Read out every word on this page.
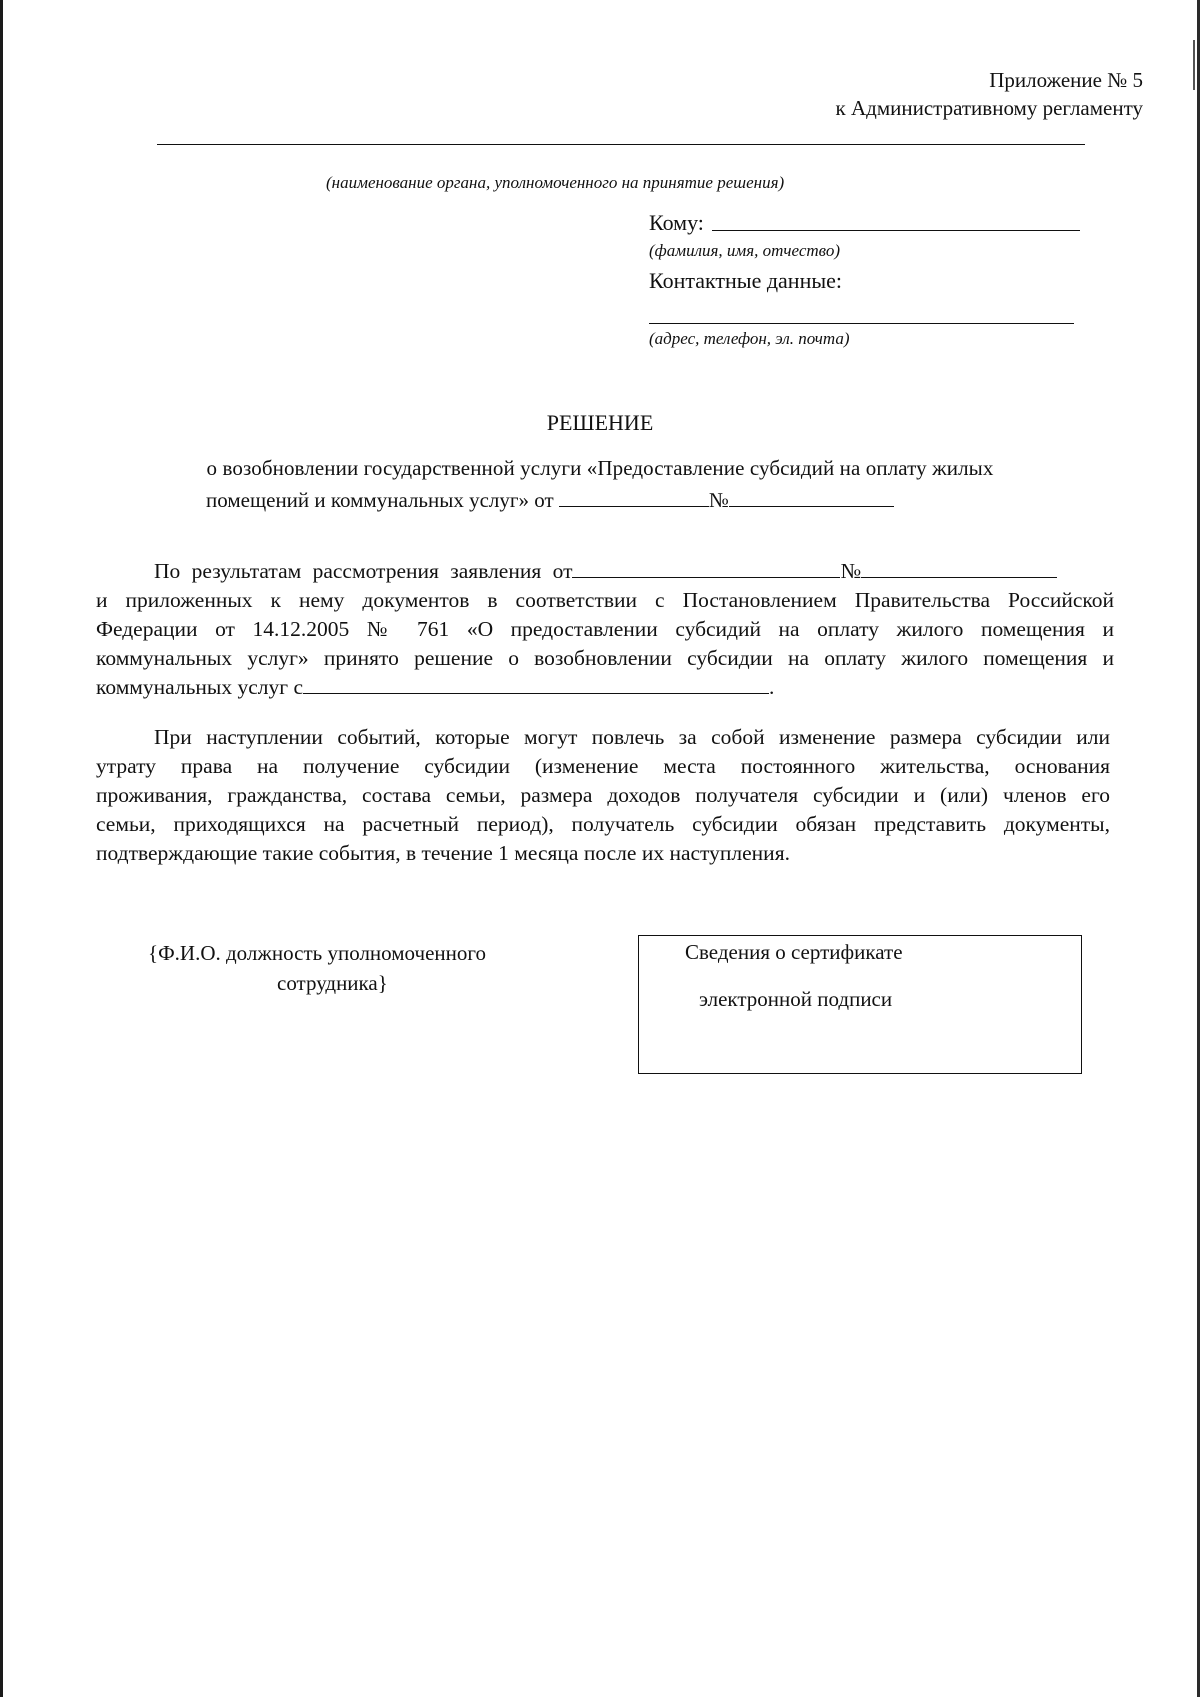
Приложение № 5
к Административному регламенту
(наименование органа, уполномоченного на принятие решения)
Кому:
(фамилия, имя, отчество)
Контактные данные:
(адрес, телефон, эл. почта)
РЕШЕНИЕ
о возобновлении государственной услуги «Предоставление субсидий на оплату жилых
помещений и коммунальных услуг» от	№
По результатам рассмотрения заявления от	№
и приложенных к нему документов в соответствии с Постановлением Правительства Российской
Федерации от 14.12.2005 № 761 «О предоставлении субсидий на оплату жилого помещения и
коммунальных услуг» принято решение о возобновлении субсидии на оплату жилого помещения и
коммунальных услуг с	.
При наступлении событий, которые могут повлечь за собой изменение размера субсидии или
утрату права на получение субсидии (изменение места постоянного жительства, основания
проживания, гражданства, состава семьи, размера доходов получателя субсидии и (или) членов его
семьи, приходящихся на расчетный период), получатель субсидии обязан представить документы,
подтверждающие такие события, в течение 1 месяца после их наступления.
{Ф.И.О. должность уполномоченного
сотрудника}
Сведения о сертификате
электронной подписи
